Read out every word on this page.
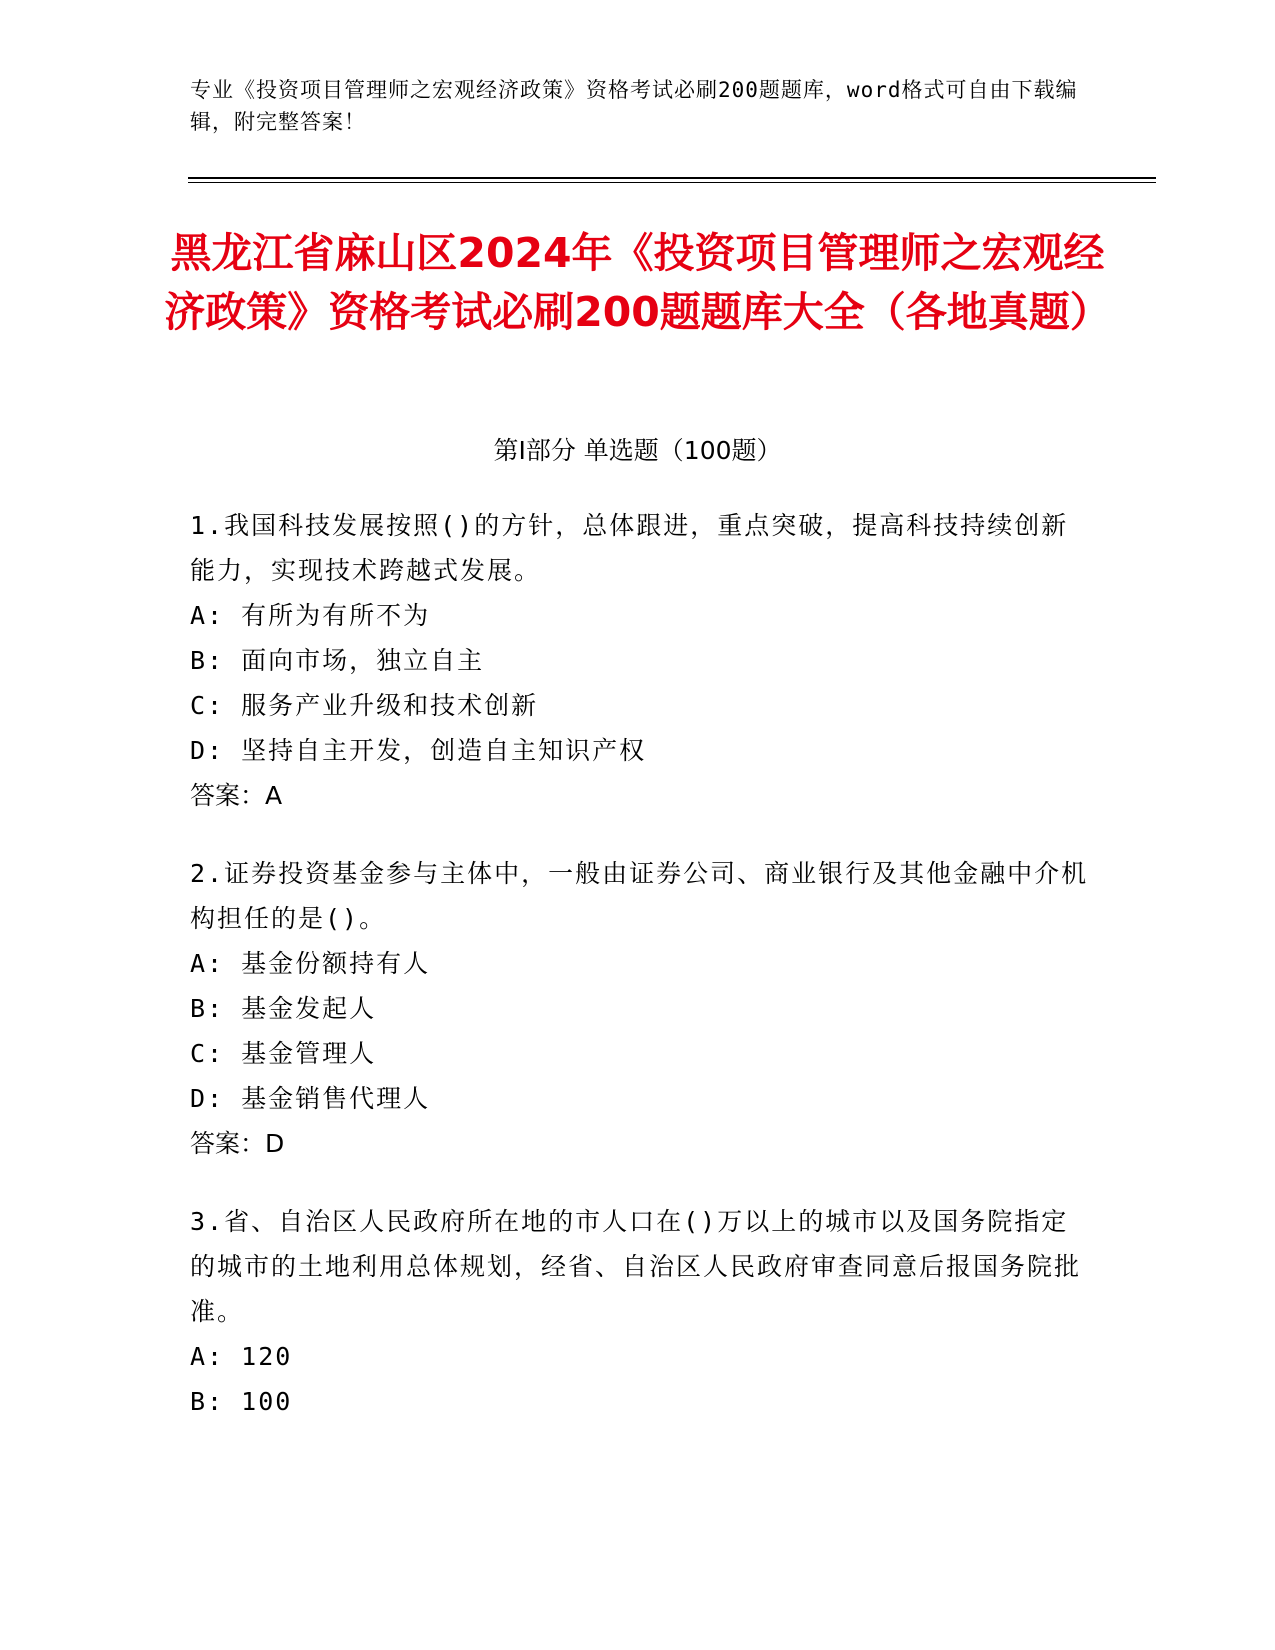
专业《投资项目管理师之宏观经济政策》资格考试必刷200题题库，word格式可自由下载编辑，附完整答案！
黑龙江省麻山区2024年《投资项目管理师之宏观经济政策》资格考试必刷200题题库大全（各地真题）
第I部分 单选题（100题）

1.我国科技发展按照()的方针，总体跟进，重点突破，提高科技持续创新能力，实现技术跨越式发展。

A: 有所为有所不为

B: 面向市场，独立自主

C: 服务产业升级和技术创新

D: 坚持自主开发，创造自主知识产权

答案：A

2.证券投资基金参与主体中，一般由证券公司、商业银行及其他金融中介机构担任的是()。

A: 基金份额持有人

B: 基金发起人

C: 基金管理人

D: 基金销售代理人

答案：D

3.省、自治区人民政府所在地的市人口在()万以上的城市以及国务院指定的城市的土地利用总体规划，经省、自治区人民政府审查同意后报国务院批准。

A: 120

B: 100
